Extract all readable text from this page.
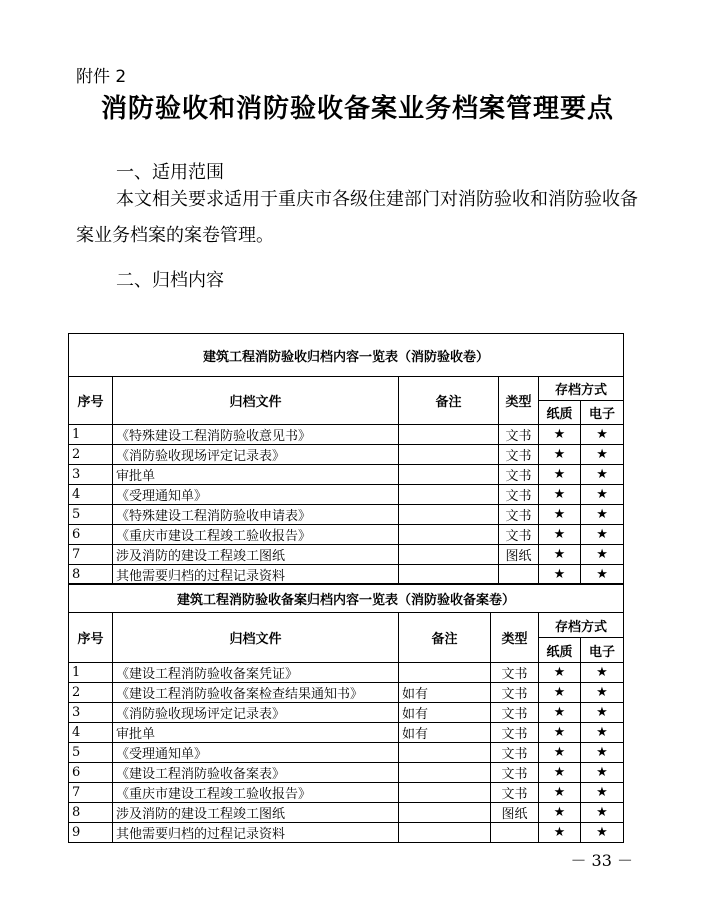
附件 2
消防验收和消防验收备案业务档案管理要点
一、适用范围
本文相关要求适用于重庆市各级住建部门对消防验收和消防验收备案业务档案的案卷管理。
二、归档内容
建筑工程消防验收归档内容一览表（消防验收卷）					
序号	归档文件	备注	类型	存档方式	
				纸质	电子
1	《特殊建设工程消防验收意见书》		文书	★	★
2	《消防验收现场评定记录表》		文书	★	★
3	审批单		文书	★	★
4	《受理通知单》		文书	★	★
5	《特殊建设工程消防验收申请表》		文书	★	★
6	《重庆市建设工程竣工验收报告》		文书	★	★
7	涉及消防的建设工程竣工图纸		图纸	★	★
8	其他需要归档的过程记录资料			★	★
建筑工程消防验收备案归档内容一览表（消防验收备案卷）					
序号	归档文件	备注	类型	存档方式	
				纸质	电子
1	《建设工程消防验收备案凭证》		文书	★	★
2	《建设工程消防验收备案检查结果通知书》	如有	文书	★	★
3	《消防验收现场评定记录表》	如有	文书	★	★
4	审批单	如有	文书	★	★
5	《受理通知单》		文书	★	★
6	《建设工程消防验收备案表》		文书	★	★
7	《重庆市建设工程竣工验收报告》		文书	★	★
8	涉及消防的建设工程竣工图纸		图纸	★	★
9	其他需要归档的过程记录资料			★	★
－ 33 －
